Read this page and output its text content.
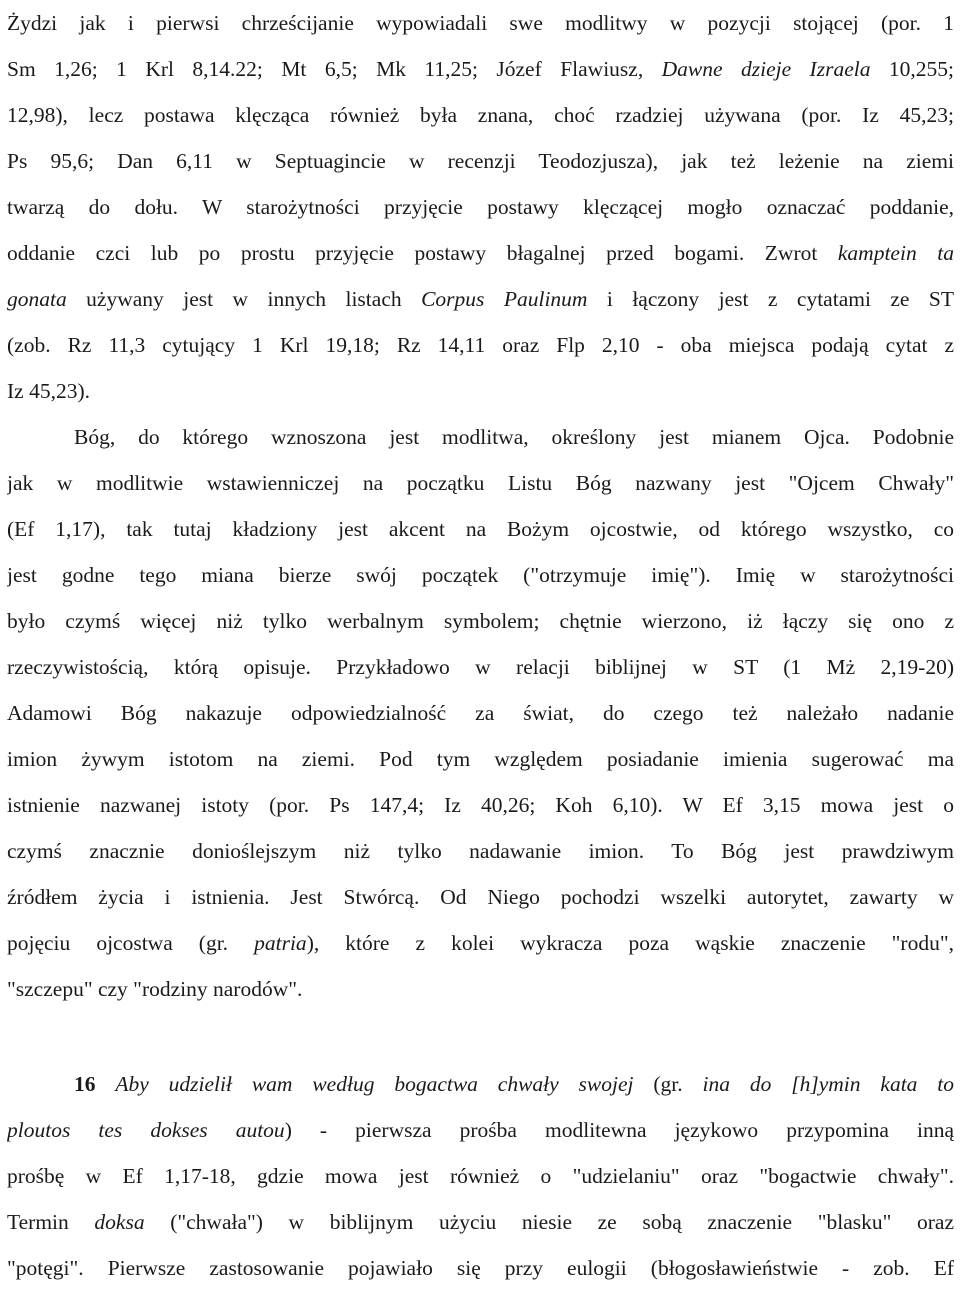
Żydzi jak i pierwsi chrześcijanie wypowiadali swe modlitwy w pozycji stojącej (por. 1
Sm 1,26; 1 Krl 8,14.22; Mt 6,5; Mk 11,25; Józef Flawiusz, Dawne dzieje Izraela 10,255;
12,98), lecz postawa klęcząca również była znana, choć rzadziej używana (por. Iz 45,23;
Ps 95,6; Dan 6,11 w Septuagincie w recenzji Teodozjusza), jak też leżenie na ziemi
twarzą do dołu. W starożytności przyjęcie postawy klęczącej mogło oznaczać poddanie,
oddanie czci lub po prostu przyjęcie postawy błagalnej przed bogami. Zwrot kamptein ta
gonata używany jest w innych listach Corpus Paulinum i łączony jest z cytatami ze ST
(zob. Rz 11,3 cytujący 1 Krl 19,18; Rz 14,11 oraz Flp 2,10 - oba miejsca podają cytat z
Iz 45,23).
Bóg, do którego wznoszona jest modlitwa, określony jest mianem Ojca. Podobnie
jak w modlitwie wstawienniczej na początku Listu Bóg nazwany jest "Ojcem Chwały"
(Ef 1,17), tak tutaj kładziony jest akcent na Bożym ojcostwie, od którego wszystko, co
jest godne tego miana bierze swój początek ("otrzymuje imię"). Imię w starożytności
było czymś więcej niż tylko werbalnym symbolem; chętnie wierzono, iż łączy się ono z
rzeczywistością, którą opisuje. Przykładowo w relacji biblijnej w ST (1 Mż 2,19-20)
Adamowi Bóg nakazuje odpowiedzialność za świat, do czego też należało nadanie
imion żywym istotom na ziemi. Pod tym względem posiadanie imienia sugerować ma
istnienie nazwanej istoty (por. Ps 147,4; Iz 40,26; Koh 6,10). W Ef 3,15 mowa jest o
czymś znacznie donioślejszym niż tylko nadawanie imion. To Bóg jest prawdziwym
źródłem życia i istnienia. Jest Stwórcą. Od Niego pochodzi wszelki autorytet, zawarty w
pojęciu ojcostwa (gr. patria), które z kolei wykracza poza wąskie znaczenie "rodu",
"szczepu" czy "rodziny narodów".
16 Aby udzielił wam według bogactwa chwały swojej (gr. ina do [h]ymin kata to
ploutos tes dokses autou) - pierwsza prośba modlitewna językowo przypomina inną
prośbę w Ef 1,17-18, gdzie mowa jest również o "udzielaniu" oraz "bogactwie chwały".
Termin doksa ("chwała") w biblijnym użyciu niesie ze sobą znaczenie "blasku" oraz
"potęgi". Pierwsze zastosowanie pojawiało się przy eulogii (błogosławieństwie - zob. Ef
